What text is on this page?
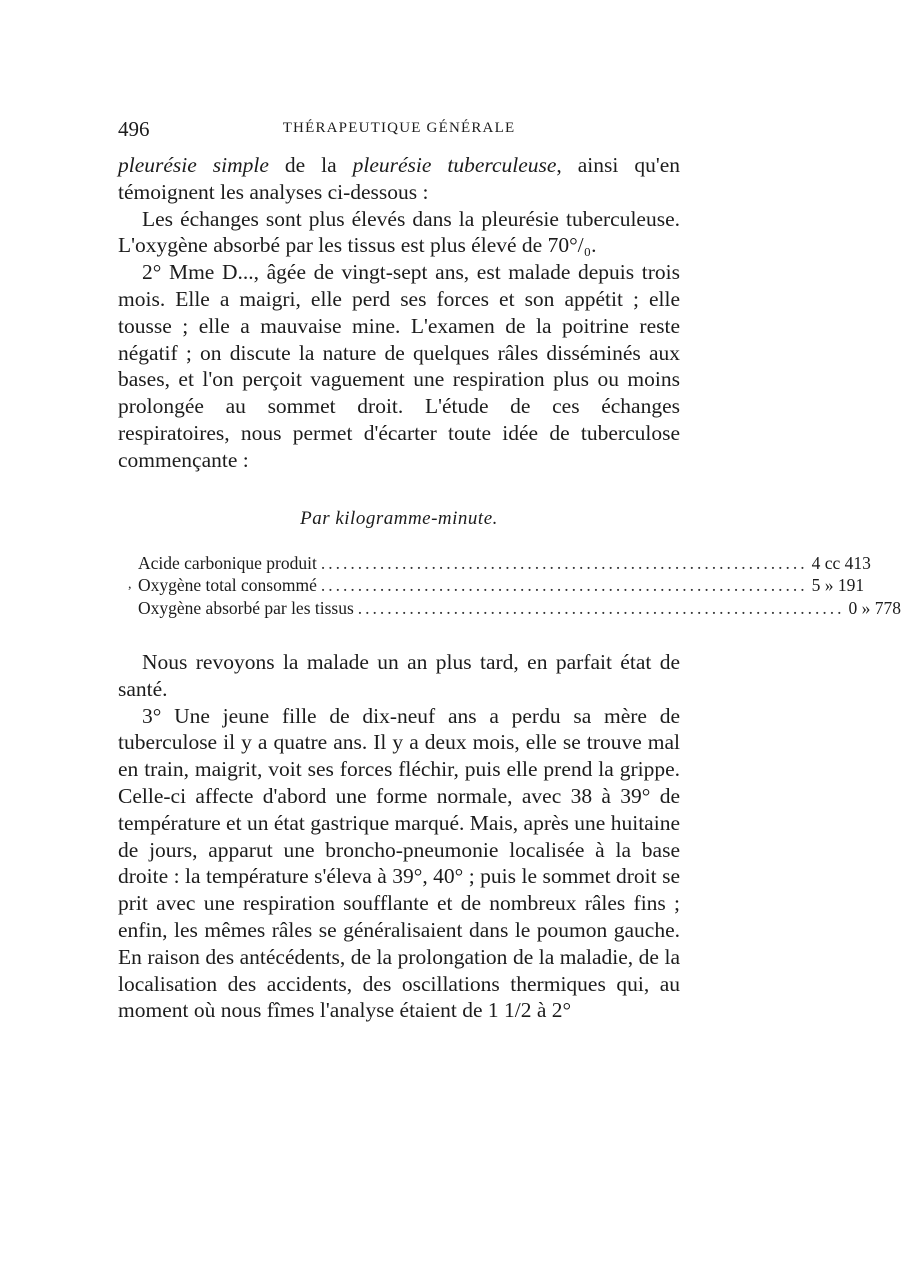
496	THÉRAPEUTIQUE GÉNÉRALE

pleurésie simple de la pleurésie tuberculeuse, ainsi qu'en témoignent les analyses ci-dessous :

Les échanges sont plus élevés dans la pleurésie tuberculeuse. L'oxygène absorbé par les tissus est plus élevé de 70°/₀.

2° Mme D..., âgée de vingt-sept ans, est malade depuis trois mois. Elle a maigri, elle perd ses forces et son appétit ; elle tousse ; elle a mauvaise mine. L'examen de la poitrine reste négatif ; on discute la nature de quelques râles disséminés aux bases, et l'on perçoit vaguement une respiration plus ou moins prolongée au sommet droit. L'étude de ces échanges respiratoires, nous permet d'écarter toute idée de tuberculose commençante :

Par kilogramme-minute.
Acide carbonique produit .................................................................. 4 cc 413
, Oxygène total consommé .................................................................. 5 » 191
Oxygène absorbé par les tissus .................................................................. 0 » 778

Nous revoyons la malade un an plus tard, en parfait état de santé.

3° Une jeune fille de dix-neuf ans a perdu sa mère de tuberculose il y a quatre ans. Il y a deux mois, elle se trouve mal en train, maigrit, voit ses forces fléchir, puis elle prend la grippe. Celle-ci affecte d'abord une forme normale, avec 38 à 39° de température et un état gastrique marqué. Mais, après une huitaine de jours, apparut une broncho-pneumonie localisée à la base droite : la température s'éleva à 39°, 40° ; puis le sommet droit se prit avec une respiration soufflante et de nombreux râles fins ; enfin, les mêmes râles se généralisaient dans le poumon gauche. En raison des antécédents, de la prolongation de la maladie, de la localisation des accidents, des oscillations thermiques qui, au moment où nous fîmes l'analyse étaient de 1 1/2 à 2°
